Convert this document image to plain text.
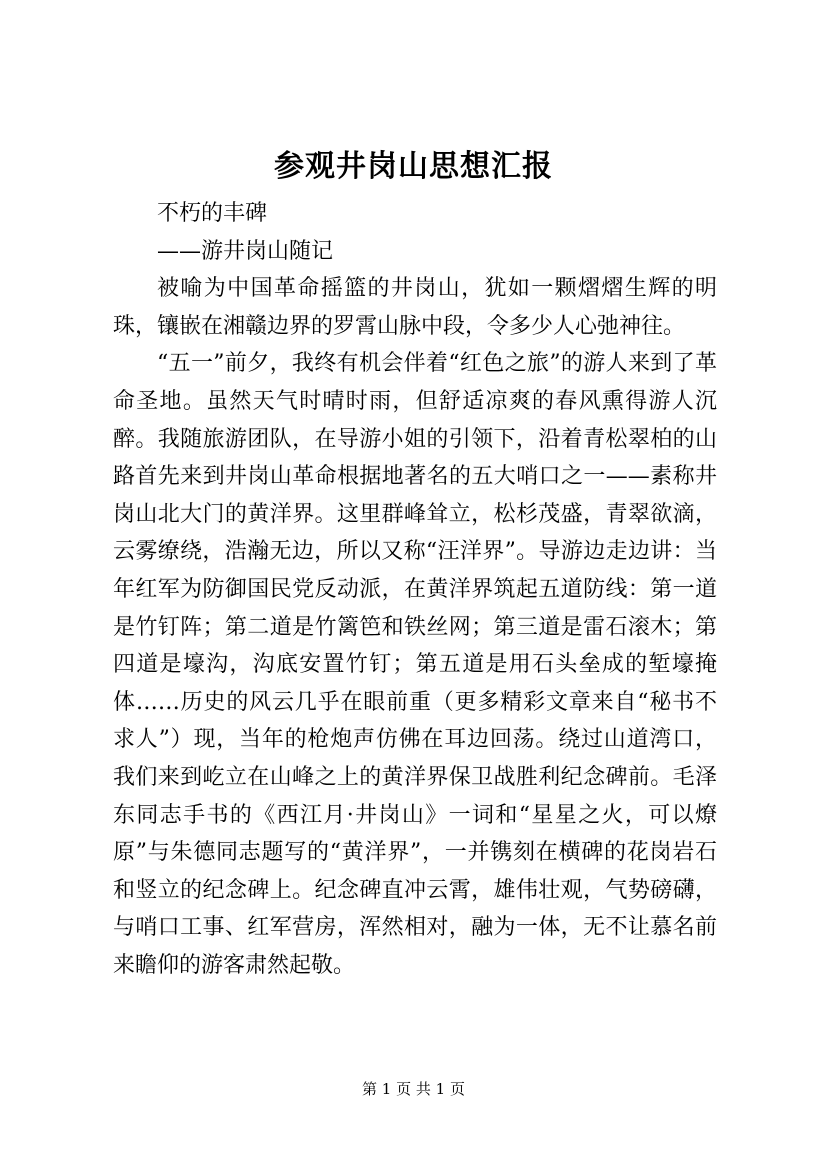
参观井岗山思想汇报

不朽的丰碑

——游井岗山随记

被喻为中国革命摇篮的井岗山，犹如一颗熠熠生辉的明珠，镶嵌在湘赣边界的罗霄山脉中段，令多少人心弛神往。

“五一”前夕，我终有机会伴着“红色之旅”的游人来到了革命圣地。虽然天气时晴时雨，但舒适凉爽的春风熏得游人沉醉。我随旅游团队，在导游小姐的引领下，沿着青松翠柏的山路首先来到井岗山革命根据地著名的五大哨口之一——素称井岗山北大门的黄洋界。这里群峰耸立，松杉茂盛，青翠欲滴，云雾缭绕，浩瀚无边，所以又称“汪洋界”。导游边走边讲：当年红军为防御国民党反动派，在黄洋界筑起五道防线：第一道是竹钉阵；第二道是竹篱笆和铁丝网；第三道是雷石滚木；第四道是壕沟，沟底安置竹钉；第五道是用石头垒成的堑壕掩体……历史的风云几乎在眼前重（更多精彩文章来自“秘书不求人”）现，当年的枪炮声仿佛在耳边回荡。绕过山道湾口，我们来到屹立在山峰之上的黄洋界保卫战胜利纪念碑前。毛泽东同志手书的《西江月·井岗山》一词和“星星之火，可以燎原”与朱德同志题写的“黄洋界”，一并镌刻在横碑的花岗岩石和竖立的纪念碑上。纪念碑直冲云霄，雄伟壮观，气势磅礴，与哨口工事、红军营房，浑然相对，融为一体，无不让慕名前来瞻仰的游客肃然起敬。

第 1 页 共 1 页
